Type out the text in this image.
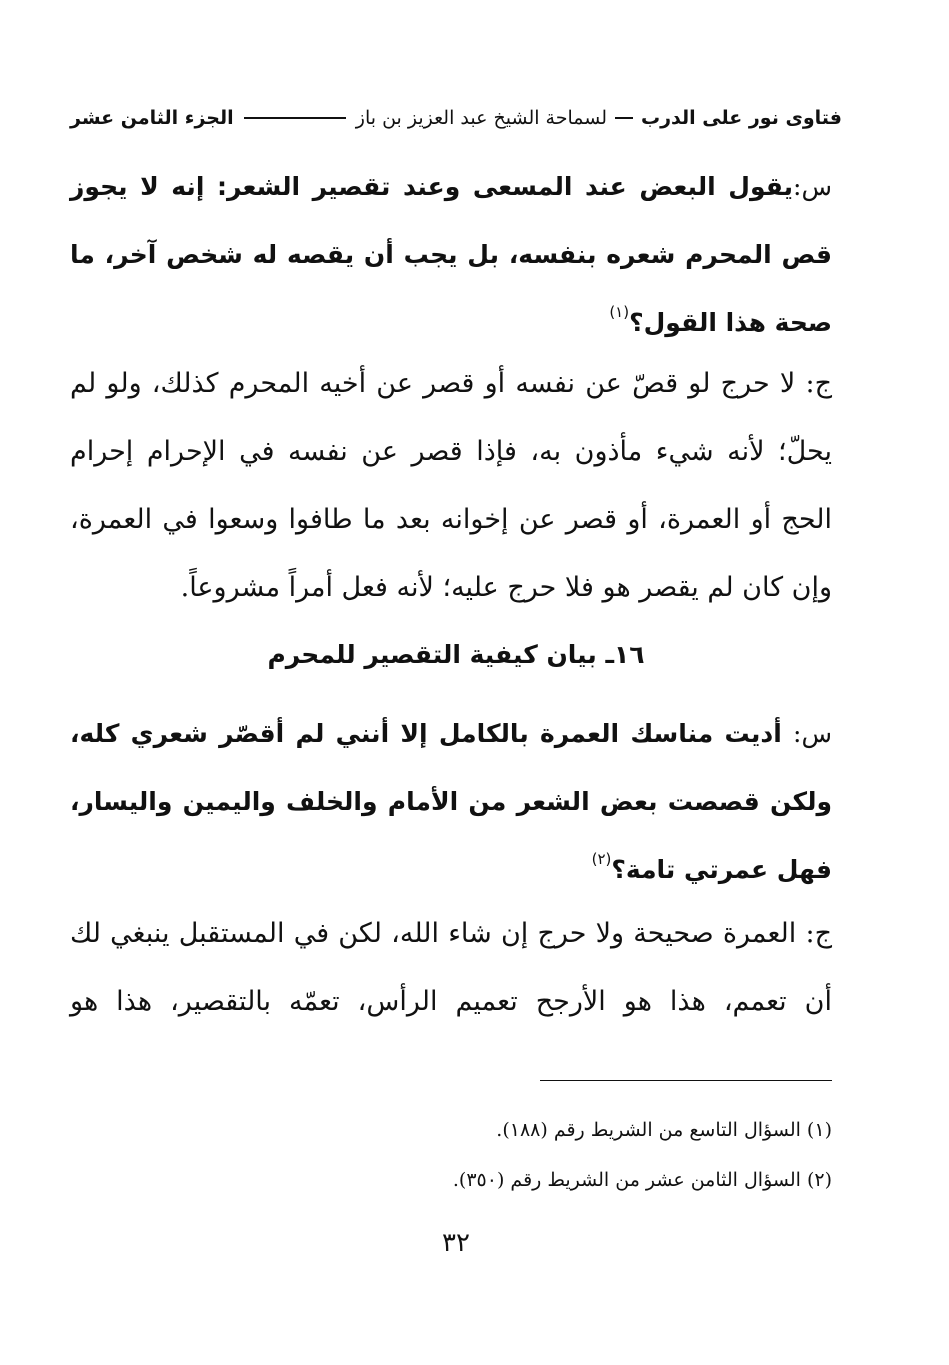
فتاوى نور على الدرب
لسماحة الشيخ عبد العزيز بن باز
الجزء الثامن عشر

س:يقول البعض عند المسعى وعند تقصير الشعر: إنه لا يجوز قص المحرم شعره بنفسه، بل يجب أن يقصه له شخص آخر، ما صحة هذا القول؟$^{(١)}$

ج: لا حرج لو قصّ عن نفسه أو قصر عن أخيه المحرم كذلك، ولو لم يحلّ؛ لأنه شيء مأذون به، فإذا قصر عن نفسه في الإحرام إحرام الحج أو العمرة، أو قصر عن إخوانه بعد ما طافوا وسعوا في العمرة، وإن كان لم يقصر هو فلا حرج عليه؛ لأنه فعل أمراً مشروعاً.

١٦ـ بيان كيفية التقصير للمحرم

س: أديت مناسك العمرة بالكامل إلا أنني لم أقصّر شعري كله، ولكن قصصت بعض الشعر من الأمام والخلف واليمين واليسار، فهل عمرتي تامة؟$^{(٢)}$

ج: العمرة صحيحة ولا حرج إن شاء الله، لكن في المستقبل ينبغي لك أن تعمم، هذا هو الأرجح تعميم الرأس، تعمّه بالتقصير، هذا هو

(١) السؤال التاسع من الشريط رقم (١٨٨).
(٢) السؤال الثامن عشر من الشريط رقم (٣٥٠).
٣٢
